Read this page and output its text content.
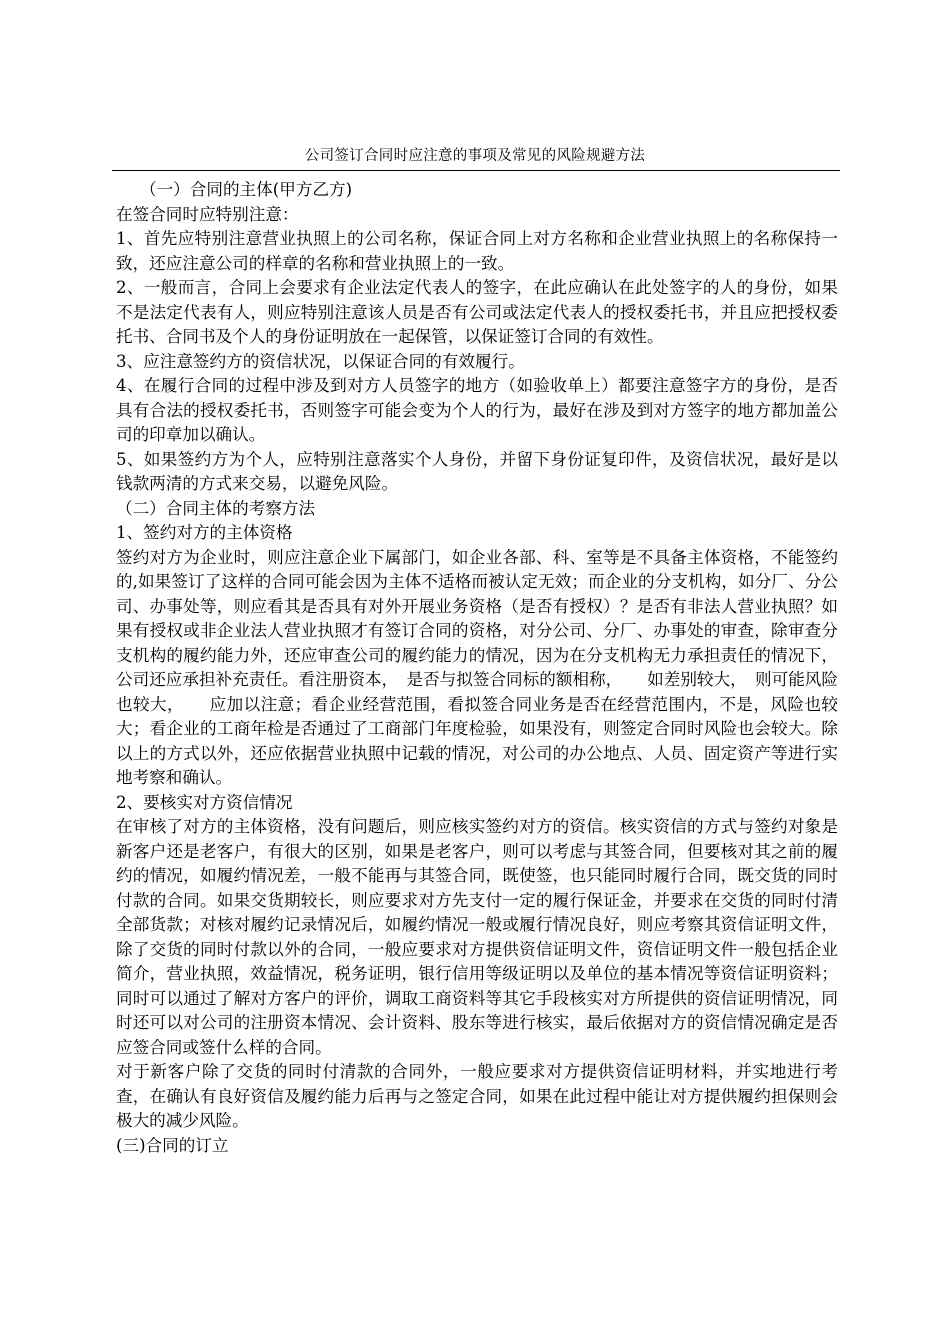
公司签订合同时应注意的事项及常见的风险规避方法

（一）合同的主体(甲方乙方)

在签合同时应特别注意：

1、首先应特别注意营业执照上的公司名称，保证合同上对方名称和企业营业执照上的名称保持一致，还应注意公司的样章的名称和营业执照上的一致。

2、一般而言，合同上会要求有企业法定代表人的签字，在此应确认在此处签字的人的身份，如果不是法定代表有人，则应特别注意该人员是否有公司或法定代表人的授权委托书，并且应把授权委托书、合同书及个人的身份证明放在一起保管，以保证签订合同的有效性。

3、应注意签约方的资信状况，以保证合同的有效履行。

4、在履行合同的过程中涉及到对方人员签字的地方（如验收单上）都要注意签字方的身份，是否具有合法的授权委托书，否则签字可能会变为个人的行为，最好在涉及到对方签字的地方都加盖公司的印章加以确认。

5、如果签约方为个人，应特别注意落实个人身份，并留下身份证复印件，及资信状况，最好是以钱款两清的方式来交易，以避免风险。

（二）合同主体的考察方法

1、签约对方的主体资格

签约对方为企业时，则应注意企业下属部门，如企业各部、科、室等是不具备主体资格，不能签约的,如果签订了这样的合同可能会因为主体不适格而被认定无效；而企业的分支机构，如分厂、分公司、办事处等，则应看其是否具有对外开展业务资格（是否有授权）？是否有非法人营业执照？如果有授权或非企业法人营业执照才有签订合同的资格，对分公司、分厂、办事处的审查，除审查分支机构的履约能力外，还应审查公司的履约能力的情况，因为在分支机构无力承担责任的情况下，公司还应承担补充责任。看注册资本，　是否与拟签合同标的额相称，　　如差别较大，　则可能风险也较大，　　应加以注意；看企业经营范围，看拟签合同业务是否在经营范围内，不是，风险也较大；看企业的工商年检是否通过了工商部门年度检验，如果没有，则签定合同时风险也会较大。除以上的方式以外，还应依据营业执照中记载的情况，对公司的办公地点、人员、固定资产等进行实地考察和确认。

2、要核实对方资信情况

在审核了对方的主体资格，没有问题后，则应核实签约对方的资信。核实资信的方式与签约对象是新客户还是老客户，有很大的区别，如果是老客户，则可以考虑与其签合同，但要核对其之前的履约的情况，如履约情况差，一般不能再与其签合同，既使签，也只能同时履行合同，既交货的同时付款的合同。如果交货期较长，则应要求对方先支付一定的履行保证金，并要求在交货的同时付清全部货款；对核对履约记录情况后，如履约情况一般或履行情况良好，则应考察其资信证明文件，除了交货的同时付款以外的合同，一般应要求对方提供资信证明文件，资信证明文件一般包括企业简介，营业执照，效益情况，税务证明，银行信用等级证明以及单位的基本情况等资信证明资料；同时可以通过了解对方客户的评价，调取工商资料等其它手段核实对方所提供的资信证明情况，同时还可以对公司的注册资本情况、会计资料、股东等进行核实，最后依据对方的资信情况确定是否应签合同或签什么样的合同。

对于新客户除了交货的同时付清款的合同外，一般应要求对方提供资信证明材料，并实地进行考查，在确认有良好资信及履约能力后再与之签定合同，如果在此过程中能让对方提供履约担保则会极大的减少风险。

(三)合同的订立
